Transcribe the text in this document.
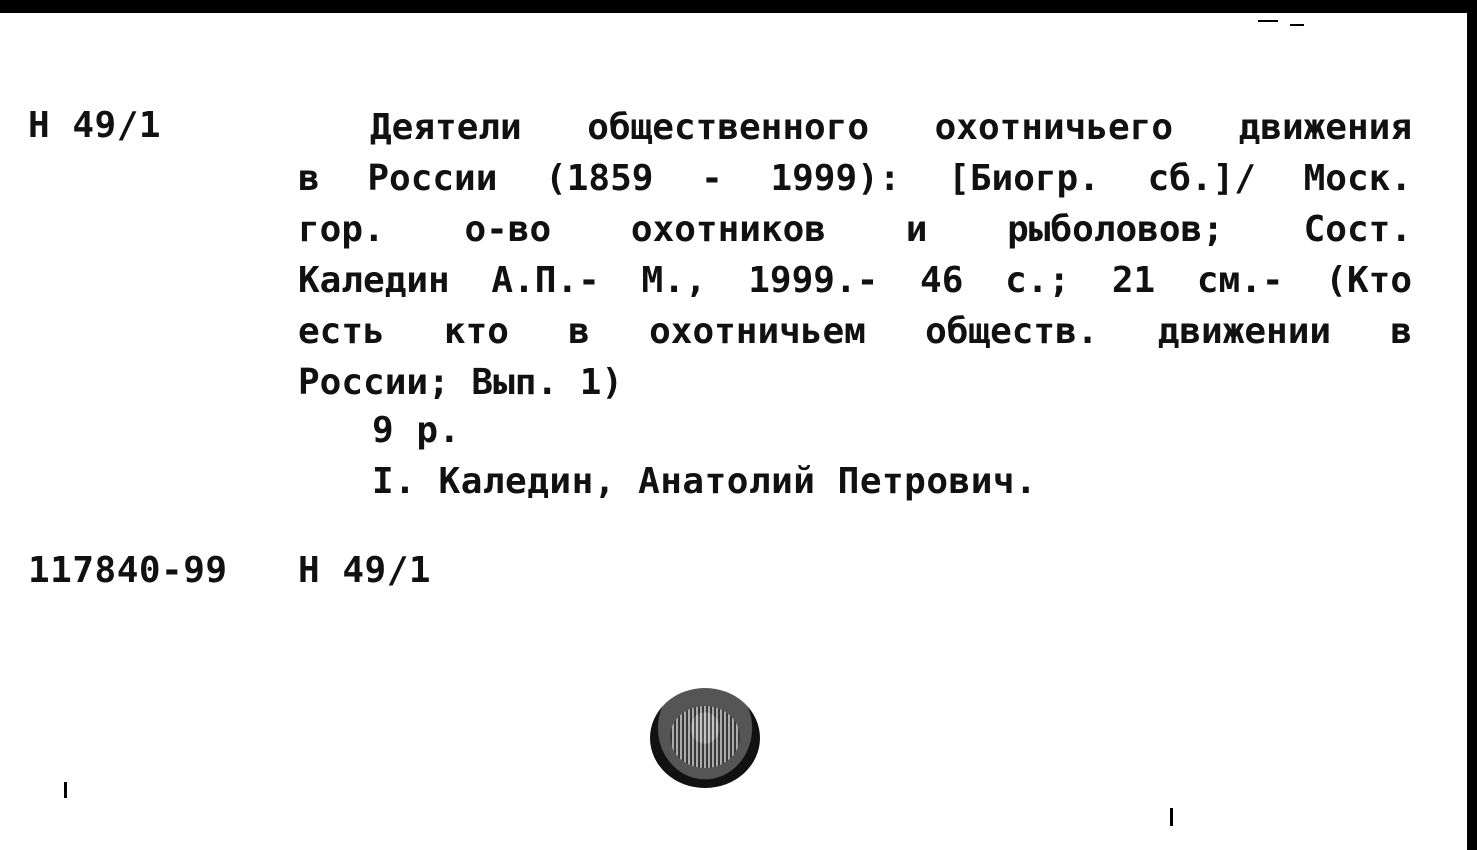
Н 49/1	Деятели общественного охотничьего движения
в России (1859 - 1999): [Биогр. сб.]/ Моск.
гор. о-во охотников и рыболовов; Сост.
Каледин А.П.- М., 1999.- 46 с.; 21 см.- (Кто
есть кто в охотничьем обществ. движении в
России; Вып. 1)
9 р.
I. Каледин, Анатолий Петрович.
117840-99 Н 49/1
